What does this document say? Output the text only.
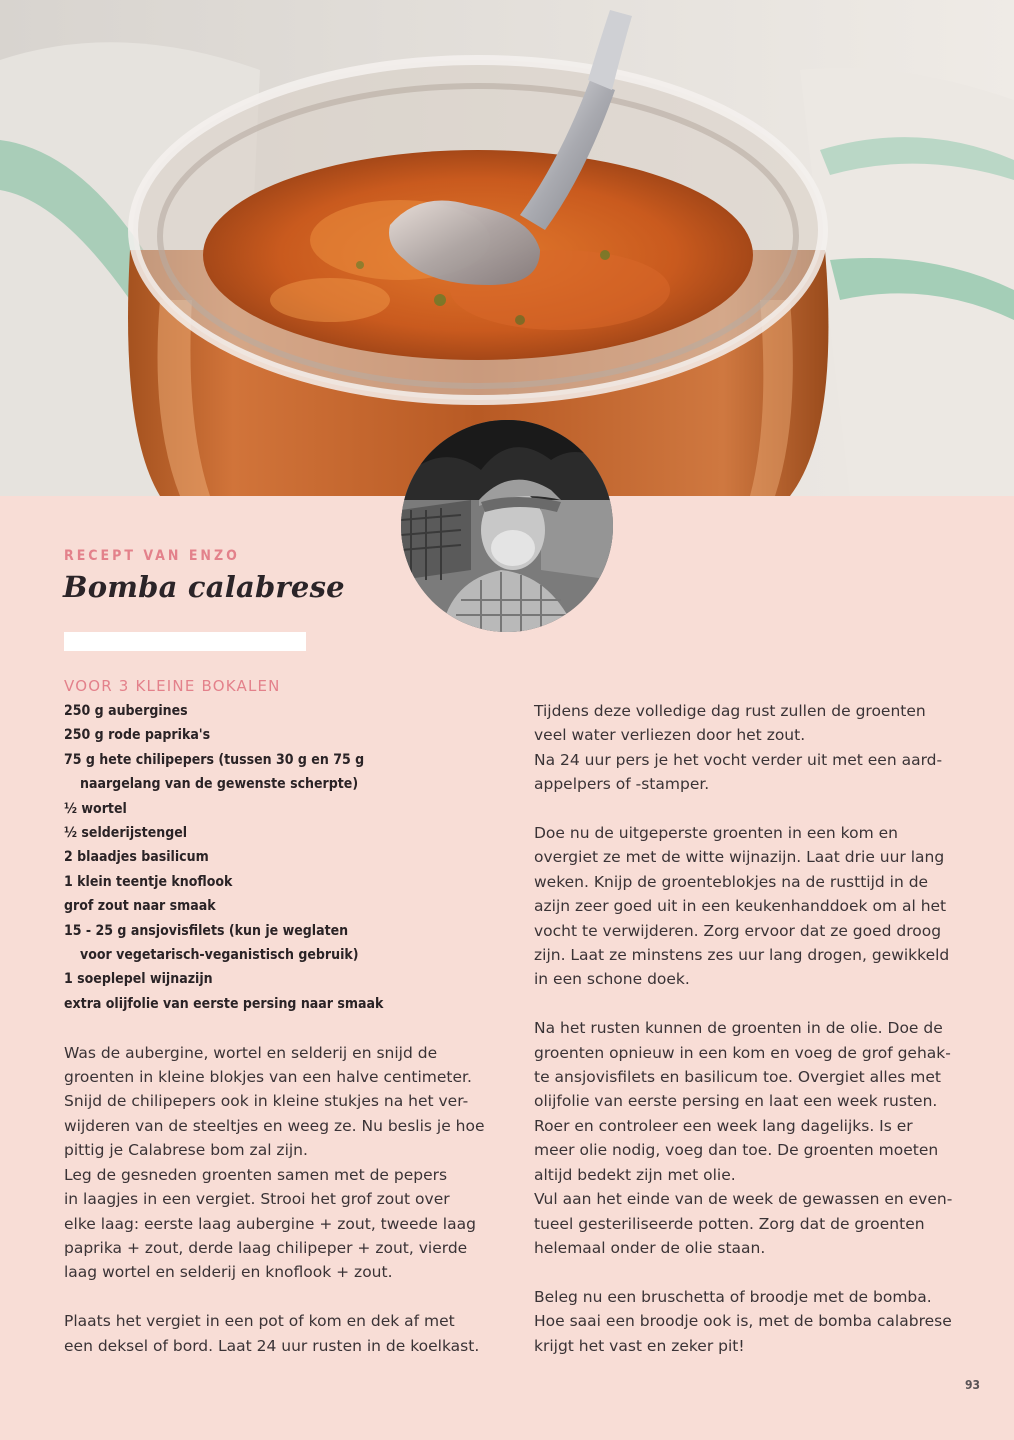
RECEPT VAN ENZO

Bomba calabrese
VOOR 3 KLEINE BOKALEN
250 g aubergines
250 g rode paprika's
75 g hete chilipepers (tussen 30 g en 75 g
naargelang van de gewenste scherpte)
½ wortel
½ selderijstengel
2 blaadjes basilicum
1 klein teentje knoflook
grof zout naar smaak
15 - 25 g ansjovisfilets (kun je weglaten
voor vegetarisch-veganistisch gebruik)
1 soeplepel wijnazijn
extra olijfolie van eerste persing naar smaak

Was de aubergine, wortel en selderij en snijd de

groenten in kleine blokjes van een halve centimeter.

Snijd de chilipepers ook in kleine stukjes na het ver-

wijderen van de steeltjes en weeg ze. Nu beslis je hoe

pittig je Calabrese bom zal zijn.

Leg de gesneden groenten samen met de pepers

in laagjes in een vergiet. Strooi het grof zout over

elke laag: eerste laag aubergine + zout, tweede laag

paprika + zout, derde laag chilipeper + zout, vierde

laag wortel en selderij en knoflook + zout.

Plaats het vergiet in een pot of kom en dek af met

een deksel of bord. Laat 24 uur rusten in de koelkast.

Tijdens deze volledige dag rust zullen de groenten

veel water verliezen door het zout.

Na 24 uur pers je het vocht verder uit met een aard-

appelpers of -stamper.

Doe nu de uitgeperste groenten in een kom en

overgiet ze met de witte wijnazijn. Laat drie uur lang

weken. Knijp de groenteblokjes na de rusttijd in de

azijn zeer goed uit in een keukenhanddoek om al het

vocht te verwijderen. Zorg ervoor dat ze goed droog

zijn. Laat ze minstens zes uur lang drogen, gewikkeld

in een schone doek.

Na het rusten kunnen de groenten in de olie. Doe de

groenten opnieuw in een kom en voeg de grof gehak-

te ansjovisfilets en basilicum toe. Overgiet alles met

olijfolie van eerste persing en laat een week rusten.

Roer en controleer een week lang dagelijks. Is er

meer olie nodig, voeg dan toe. De groenten moeten

altijd bedekt zijn met olie.

Vul aan het einde van de week de gewassen en even-

tueel gesteriliseerde potten. Zorg dat de groenten

helemaal onder de olie staan.

Beleg nu een bruschetta of broodje met de bomba.

Hoe saai een broodje ook is, met de bomba calabrese

krijgt het vast en zeker pit!

93
